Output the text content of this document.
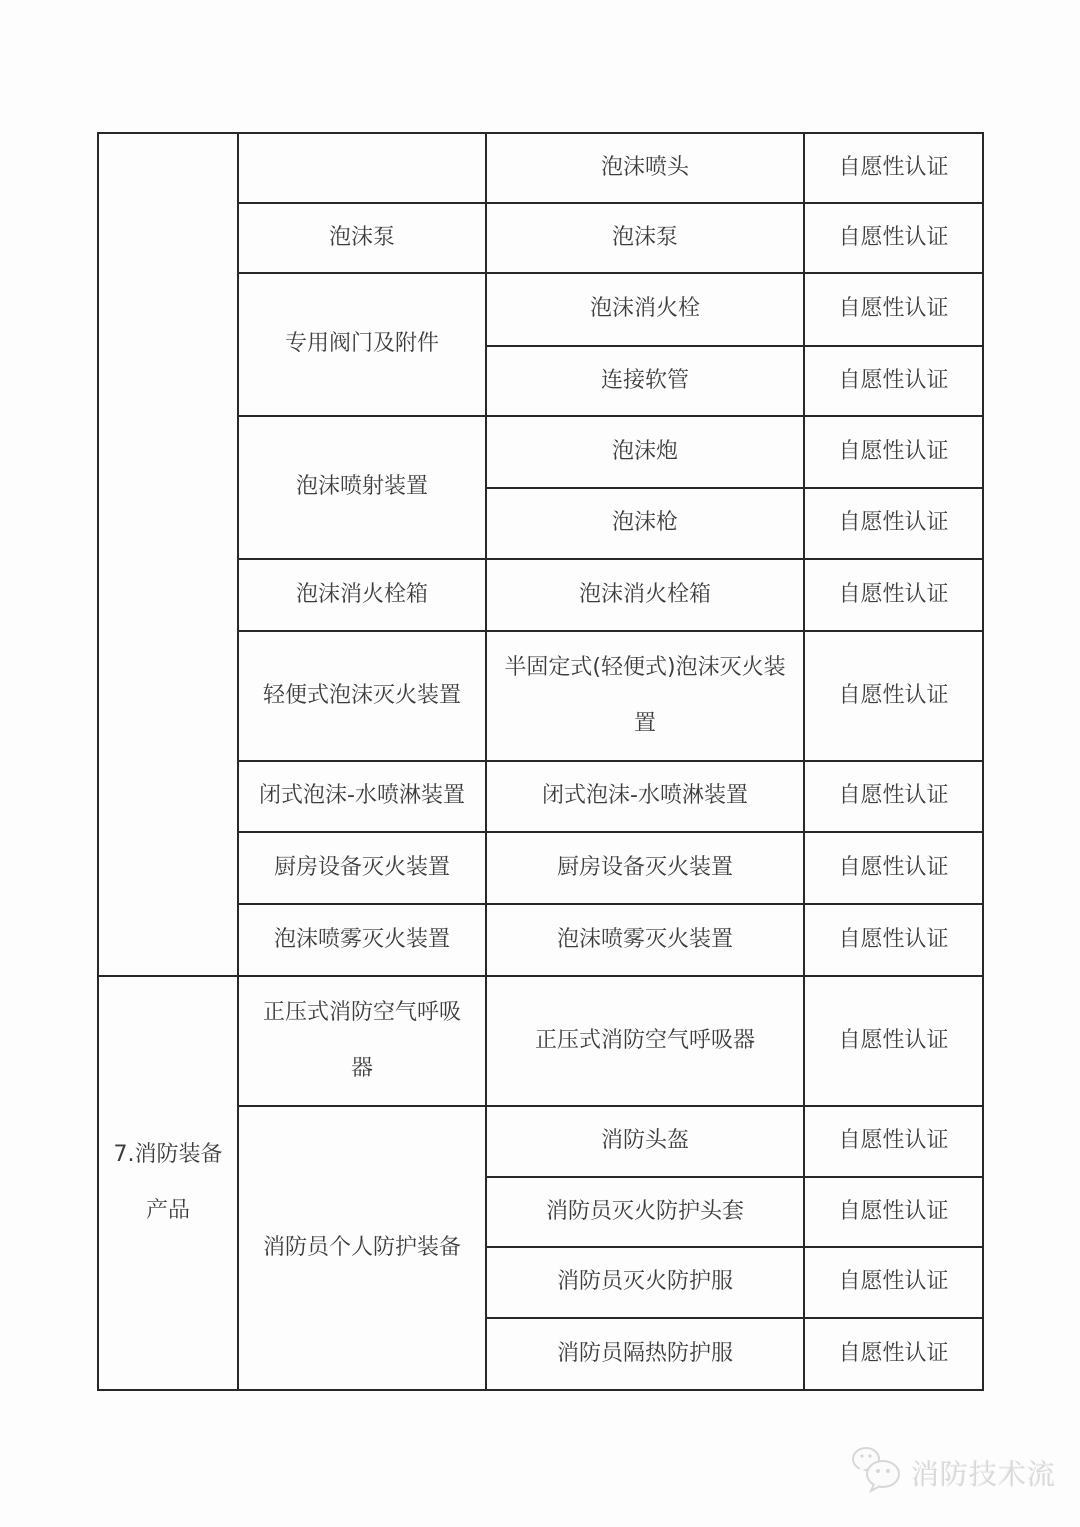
		泡沫喷头	自愿性认证
	泡沫泵	泡沫泵	自愿性认证
	专用阀门及附件	泡沫消火栓	自愿性认证
		连接软管	自愿性认证
	泡沫喷射装置	泡沫炮	自愿性认证
		泡沫枪	自愿性认证
	泡沫消火栓箱	泡沫消火栓箱	自愿性认证
	轻便式泡沫灭火装置	半固定式(轻便式)泡沫灭火装置	自愿性认证
	闭式泡沫-水喷淋装置	闭式泡沫-水喷淋装置	自愿性认证
	厨房设备灭火装置	厨房设备灭火装置	自愿性认证
	泡沫喷雾灭火装置	泡沫喷雾灭火装置	自愿性认证
7.消防装备 产品	正压式消防空气呼吸器	正压式消防空气呼吸器	自愿性认证
	消防员个人防护装备	消防头盔	自愿性认证
		消防员灭火防护头套	自愿性认证
		消防员灭火防护服	自愿性认证
		消防员隔热防护服	自愿性认证
消防技术流
